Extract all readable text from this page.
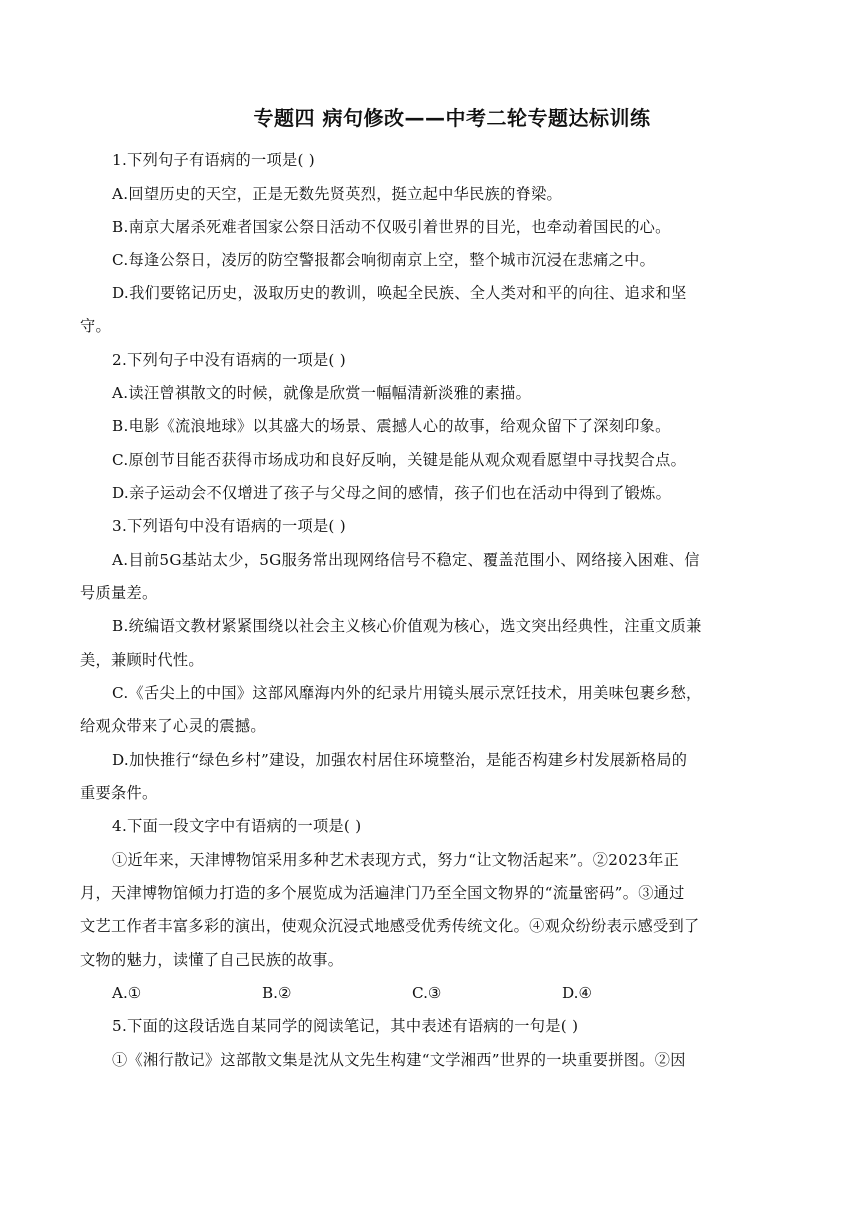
专题四 病句修改——中考二轮专题达标训练
1.下列句子有语病的一项是( )
A.回望历史的天空，正是无数先贤英烈，挺立起中华民族的脊梁。
B.南京大屠杀死难者国家公祭日活动不仅吸引着世界的目光，也牵动着国民的心。
C.每逢公祭日，凌厉的防空警报都会响彻南京上空，整个城市沉浸在悲痛之中。
D.我们要铭记历史，汲取历史的教训，唤起全民族、全人类对和平的向往、追求和坚
守。
2.下列句子中没有语病的一项是( )
A.读汪曾祺散文的时候，就像是欣赏一幅幅清新淡雅的素描。
B.电影《流浪地球》以其盛大的场景、震撼人心的故事，给观众留下了深刻印象。
C.原创节目能否获得市场成功和良好反响，关键是能从观众观看愿望中寻找契合点。
D.亲子运动会不仅增进了孩子与父母之间的感情，孩子们也在活动中得到了锻炼。
3.下列语句中没有语病的一项是( )
A.目前5G基站太少，5G服务常出现网络信号不稳定、覆盖范围小、网络接入困难、信
号质量差。
B.统编语文教材紧紧围绕以社会主义核心价值观为核心，选文突出经典性，注重文质兼
美，兼顾时代性。
C.《舌尖上的中国》这部风靡海内外的纪录片用镜头展示烹饪技术，用美味包裹乡愁，
给观众带来了心灵的震撼。
D.加快推行“绿色乡村”建设，加强农村居住环境整治，是能否构建乡村发展新格局的
重要条件。
4.下面一段文字中有语病的一项是( )
①近年来，天津博物馆采用多种艺术表现方式，努力“让文物活起来”。②2023年正
月，天津博物馆倾力打造的多个展览成为活遍津门乃至全国文物界的“流量密码”。③通过
文艺工作者丰富多彩的演出，使观众沉浸式地感受优秀传统文化。④观众纷纷表示感受到了
文物的魅力，读懂了自己民族的故事。
A.①	B.②	C.③	D.④
5.下面的这段话选自某同学的阅读笔记，其中表述有语病的一句是( )
①《湘行散记》这部散文集是沈从文先生构建“文学湘西”世界的一块重要拼图。②因
